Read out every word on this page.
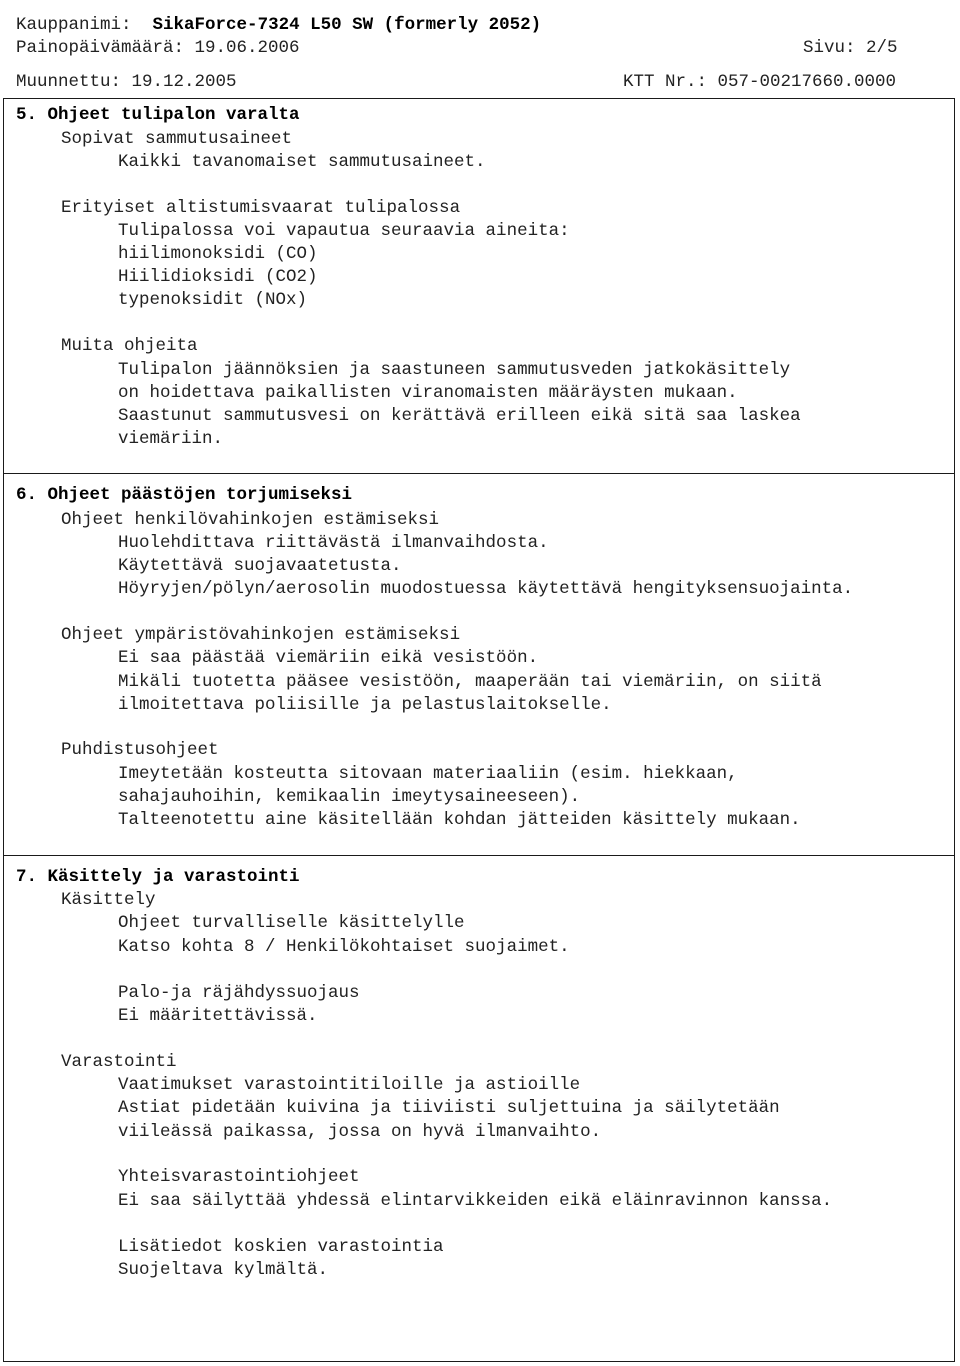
Kauppanimi: SikaForce-7324 L50 SW (formerly 2052)
Painopäivämäärä: 19.06.2006	Sivu: 2/5
Muunnettu: 19.12.2005	KTT Nr.: 057-00217660.0000
5. Ohjeet tulipalon varalta
Sopivat sammutusaineet
Kaikki tavanomaiset sammutusaineet.
Erityiset altistumisvaarat tulipalossa
Tulipalossa voi vapautua seuraavia aineita:
hiilimonoksidi (CO)
Hiilidioksidi (CO2)
typenoksidit (NOx)
Muita ohjeita
Tulipalon jäännöksien ja saastuneen sammutusveden jatkokäsittely
on hoidettava paikallisten viranomaisten määräysten mukaan.
Saastunut sammutusvesi on kerättävä erilleen eikä sitä saa laskea
viemäriin.
6. Ohjeet päästöjen torjumiseksi
Ohjeet henkilövahinkojen estämiseksi
Huolehdittava riittävästä ilmanvaihdosta.
Käytettävä suojavaatetusta.
Höyryjen/pölyn/aerosolin muodostuessa käytettävä hengityksensuojainta.
Ohjeet ympäristövahinkojen estämiseksi
Ei saa päästää viemäriin eikä vesistöön.
Mikäli tuotetta pääsee vesistöön, maaperään tai viemäriin, on siitä
ilmoitettava poliisille ja pelastuslaitokselle.
Puhdistusohjeet
Imeytetään kosteutta sitovaan materiaaliin (esim. hiekkaan,
sahajauhoihin, kemikaalin imeytysaineeseen).
Talteenotettu aine käsitellään kohdan jätteiden käsittely mukaan.
7. Käsittely ja varastointi
Käsittely
Ohjeet turvalliselle käsittelylle
Katso kohta 8 / Henkilökohtaiset suojaimet.
Palo-ja räjähdyssuojaus
Ei määritettävissä.
Varastointi
Vaatimukset varastointitiloille ja astioille
Astiat pidetään kuivina ja tiiviisti suljettuina ja säilytetään
viileässä paikassa, jossa on hyvä ilmanvaihto.
Yhteisvarastointiohjeet
Ei saa säilyttää yhdessä elintarvikkeiden eikä eläinravinnon kanssa.
Lisätiedot koskien varastointia
Suojeltava kylmältä.
